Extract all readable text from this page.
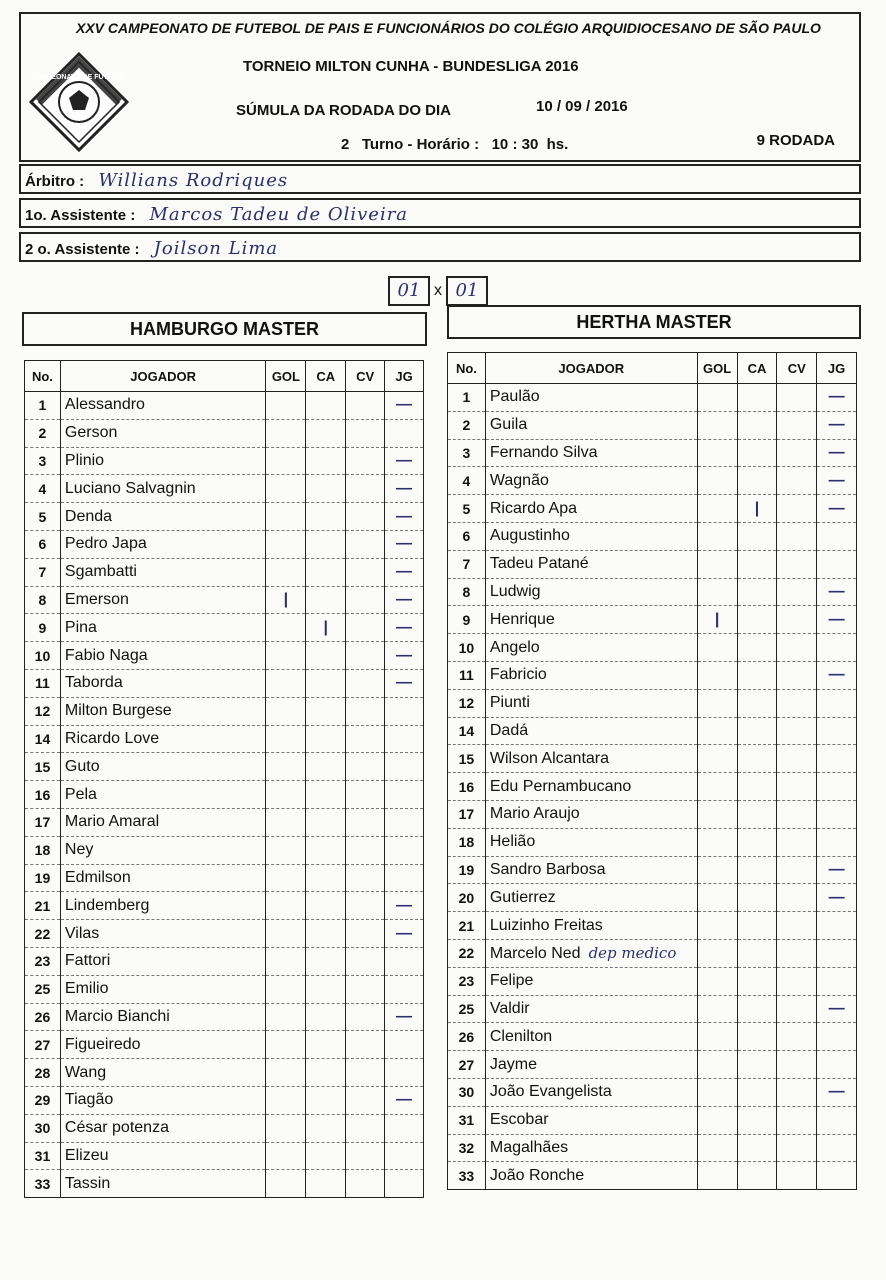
CAMPEONATO DE FUTEBOL
XXV CAMPEONATO DE FUTEBOL DE PAIS E FUNCIONÁRIOS DO COLÉGIO ARQUIDIOCESANO DE SÃO PAULO
TORNEIO MILTON CUNHA - BUNDESLIGA 2016
SÚMULA DA RODADA DO DIA	10 / 09 / 2016
2 Turno - Horário : 10 : 30 hs.	9 RODADA
Árbitro : Willians Rodriques
1o. Assistente : Marcos Tadeu de Oliveira
2 o. Assistente : Joilson Lima
01 x 01
HAMBURGO MASTER	HERTHA MASTER
No.	JOGADOR	GOL	CA	CV	JG
1	Alessandro				—
2	Gerson				
3	Plinio				—
4	Luciano Salvagnin				—
5	Denda				—
6	Pedro Japa				—
7	Sgambatti				—
8	Emerson	|			—
9	Pina		|		—
10	Fabio Naga				—
11	Taborda				—
12	Milton Burgese				
14	Ricardo Love				
15	Guto				
16	Pela				
17	Mario Amaral				
18	Ney				
19	Edmilson				
21	Lindemberg				—
22	Vilas				—
23	Fattori				
25	Emilio				
26	Marcio Bianchi				—
27	Figueiredo				
28	Wang				
29	Tiagão				—
30	César potenza				
31	Elizeu				
33	Tassin				
No.	JOGADOR	GOL	CA	CV	JG
1	Paulão				—
2	Guila				—
3	Fernando Silva				—
4	Wagnão				—
5	Ricardo Apa		|		—
6	Augustinho				
7	Tadeu Patané				
8	Ludwig				—
9	Henrique	|			—
10	Angelo				
11	Fabricio				—
12	Piunti				
14	Dadá				
15	Wilson Alcantara				
16	Edu Pernambucano				
17	Mario Araujo				
18	Helião				
19	Sandro Barbosa				—
20	Gutierrez				—
21	Luizinho Freitas				
22	Marcelo Ned dep medico				
23	Felipe				
25	Valdir				—
26	Clenilton				
27	Jayme				
30	João Evangelista				—
31	Escobar				
32	Magalhães				
33	João Ronche				
